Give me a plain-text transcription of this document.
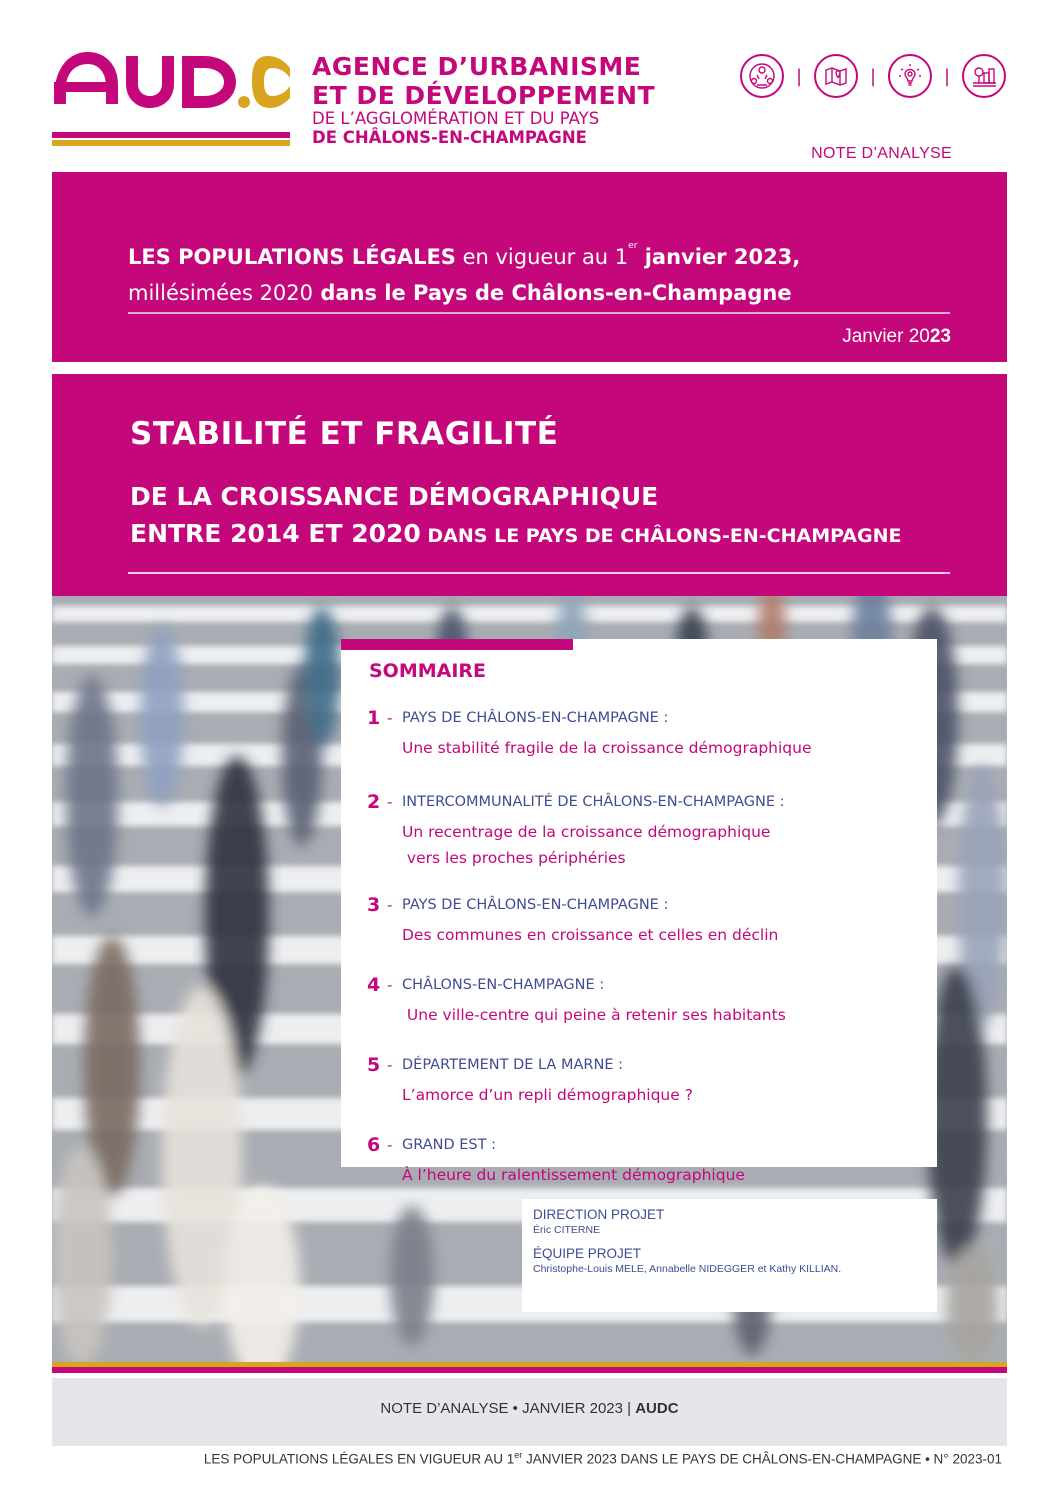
AGENCE D’URBANISME
ET DE DÉVELOPPEMENT
DE L’AGGLOMÉRATION ET DU PAYS
DE CHÂLONS-EN-CHAMPAGNE
|	|	|
NOTE D’ANALYSE
LES POPULATIONS LÉGALES en vigueur au 1er janvier 2023,
millésimées 2020 dans le Pays de Châlons-en-Champagne
Janvier 2023
STABILITÉ ET FRAGILITÉ
DE LA CROISSANCE DÉMOGRAPHIQUE
ENTRE 2014 ET 2020 DANS LE PAYS DE CHÂLONS-EN-CHAMPAGNE
SOMMAIRE
1 - PAYS DE CHÂLONS-EN-CHAMPAGNE :
Une stabilité fragile de la croissance démographique
2 - INTERCOMMUNALITÉ DE CHÂLONS-EN-CHAMPAGNE :
Un recentrage de la croissance démographique
vers les proches périphéries
3 - PAYS DE CHÂLONS-EN-CHAMPAGNE :
Des communes en croissance et celles en déclin
4 - CHÂLONS-EN-CHAMPAGNE :
Une ville-centre qui peine à retenir ses habitants
5 - DÉPARTEMENT DE LA MARNE :
L’amorce d’un repli démographique ?
6 - GRAND EST :
À l’heure du ralentissement démographique
DIRECTION PROJET
Éric CITERNE
ÉQUIPE PROJET
Christophe-Louis MELE, Annabelle NIDEGGER et Kathy KILLIAN.
NOTE D’ANALYSE • JANVIER 2023 | AUDC
LES POPULATIONS LÉGALES EN VIGUEUR AU 1er JANVIER 2023 DANS LE PAYS DE CHÂLONS-EN-CHAMPAGNE • N° 2023-01
